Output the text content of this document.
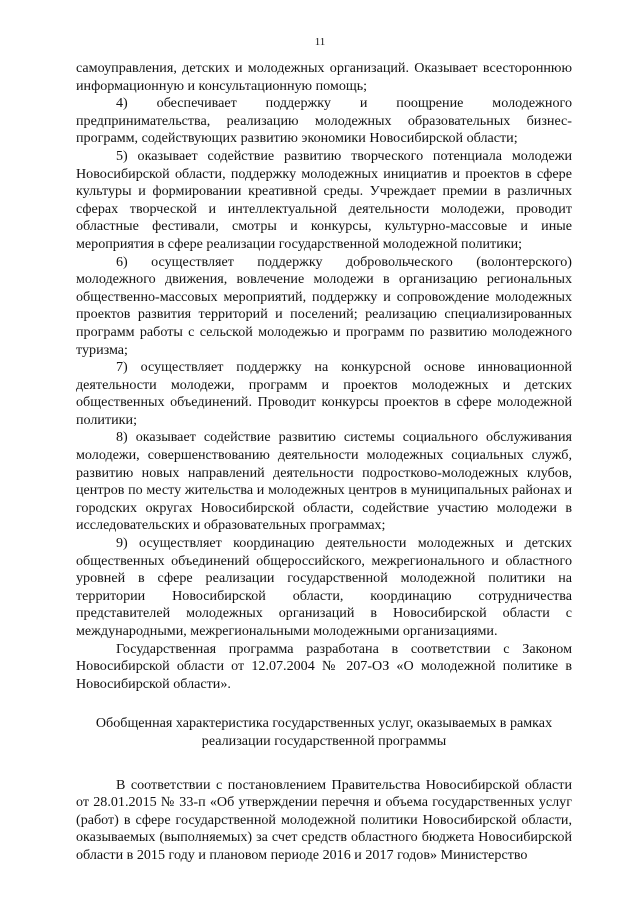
11

самоуправления, детских и молодежных организаций. Оказывает всестороннюю информационную и консультационную помощь;

4) обеспечивает поддержку и поощрение молодежного предпринимательства, реализацию молодежных образовательных бизнес-программ, содействующих развитию экономики Новосибирской области;

5) оказывает содействие развитию творческого потенциала молодежи Новосибирской области, поддержку молодежных инициатив и проектов в сфере культуры и формировании креативной среды. Учреждает премии в различных сферах творческой и интеллектуальной деятельности молодежи, проводит областные фестивали, смотры и конкурсы, культурно-массовые и иные мероприятия в сфере реализации государственной молодежной политики;

6) осуществляет поддержку добровольческого (волонтерского) молодежного движения, вовлечение молодежи в организацию региональных общественно-массовых мероприятий, поддержку и сопровождение молодежных проектов развития территорий и поселений; реализацию специализированных программ работы с сельской молодежью и программ по развитию молодежного туризма;

7) осуществляет поддержку на конкурсной основе инновационной деятельности молодежи, программ и проектов молодежных и детских общественных объединений. Проводит конкурсы проектов в сфере молодежной политики;

8) оказывает содействие развитию системы социального обслуживания молодежи, совершенствованию деятельности молодежных социальных служб, развитию новых направлений деятельности подростково-молодежных клубов, центров по месту жительства и молодежных центров в муниципальных районах и городских округах Новосибирской области, содействие участию молодежи в исследовательских и образовательных программах;

9) осуществляет координацию деятельности молодежных и детских общественных объединений общероссийского, межрегионального и областного уровней в сфере реализации государственной молодежной политики на территории Новосибирской области, координацию сотрудничества представителей молодежных организаций в Новосибирской области с международными, межрегиональными молодежными организациями.

Государственная программа разработана в соответствии с Законом Новосибирской области от 12.07.2004 № 207-ОЗ «О молодежной политике в Новосибирской области».

Обобщенная характеристика государственных услуг, оказываемых в рамках реализации государственной программы

В соответствии с постановлением Правительства Новосибирской области от 28.01.2015 № 33-п «Об утверждении перечня и объема государственных услуг (работ) в сфере государственной молодежной политики Новосибирской области, оказываемых (выполняемых) за счет средств областного бюджета Новосибирской области в 2015 году и плановом периоде 2016 и 2017 годов» Министерство
